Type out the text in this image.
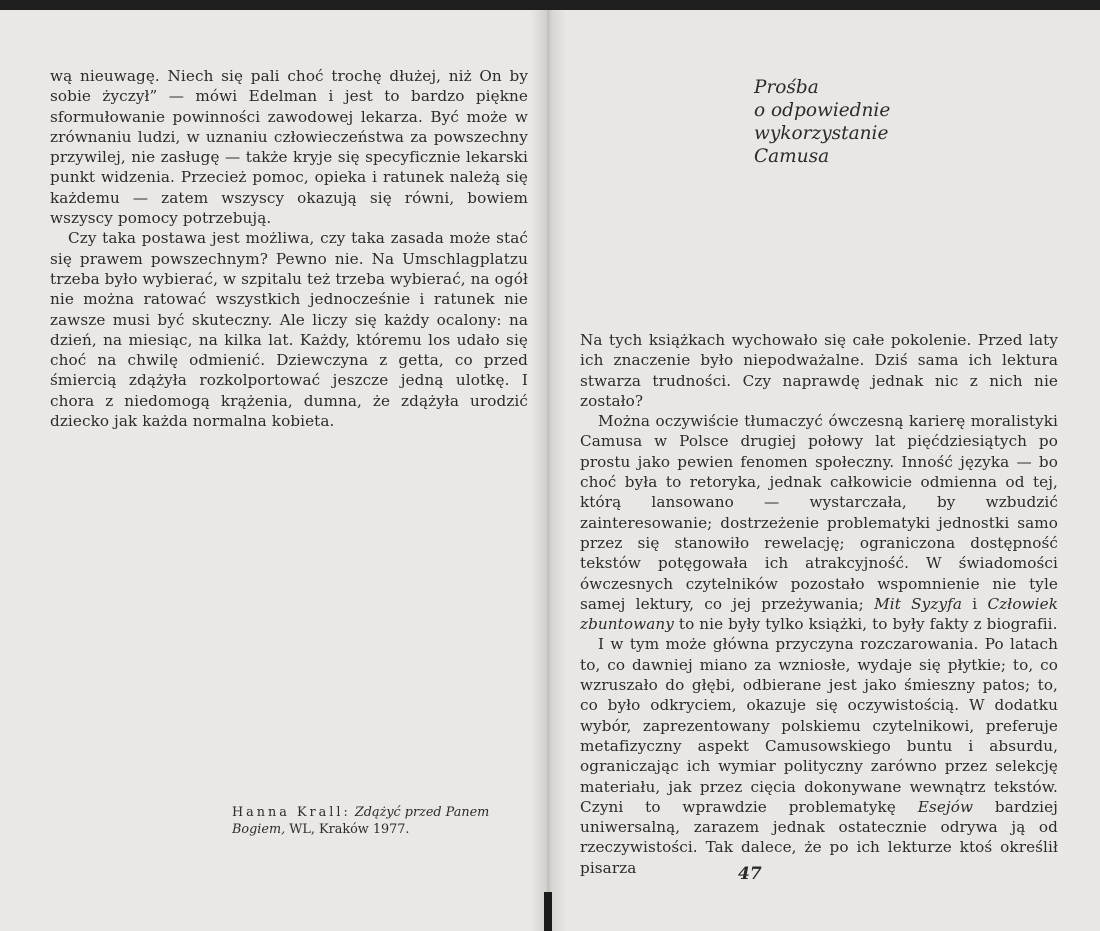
wą nieuwagę. Niech się pali choć trochę dłużej, niż On by sobie życzył” — mówi Edelman i jest to bardzo piękne sformułowanie powinności zawodowej lekarza. Być może w zrównaniu ludzi, w uznaniu człowieczeństwa za powszechny przywilej, nie zasługę — także kryje się specyficznie lekarski punkt widzenia. Przecież pomoc, opieka i ratunek należą się każdemu — zatem wszyscy okazują się równi, bowiem wszyscy pomocy potrzebują.

Czy taka postawa jest możliwa, czy taka zasada może stać się prawem powszechnym? Pewno nie. Na Umschlagplatzu trzeba było wybierać, w szpitalu też trzeba wybierać, na ogół nie można ratować wszystkich jednocześnie i ratunek nie zawsze musi być skuteczny. Ale liczy się każdy ocalony: na dzień, na miesiąc, na kilka lat. Każdy, któremu los udało się choć na chwilę odmienić. Dziewczyna z getta, co przed śmiercią zdążyła rozkolportować jeszcze jedną ulotkę. I chora z niedomogą krążenia, dumna, że zdążyła urodzić dziecko jak każda normalna kobieta.

Hanna Krall: Zdążyć przed Panem Bogiem, WL, Kraków 1977.
Prośba
o odpowiednie
wykorzystanie
Camusa

Na tych książkach wychowało się całe pokolenie. Przed laty ich znaczenie było niepodważalne. Dziś sama ich lektura stwarza trudności. Czy naprawdę jednak nic z nich nie zostało?

Można oczywiście tłumaczyć ówczesną karierę moralistyki Camusa w Polsce drugiej połowy lat pięćdziesiątych po prostu jako pewien fenomen społeczny. Inność języka — bo choć była to retoryka, jednak całkowicie odmienna od tej, którą lansowano — wystarczała, by wzbudzić zainteresowanie; dostrzeżenie problematyki jednostki samo przez się stanowiło rewelację; ograniczona dostępność tekstów potęgowała ich atrakcyjność. W świadomości ówczesnych czytelników pozostało wspomnienie nie tyle samej lektury, co jej przeżywania; Mit Syzyfa i Człowiek zbuntowany to nie były tylko książki, to były fakty z biografii.

I w tym może główna przyczyna rozczarowania. Po latach to, co dawniej miano za wzniosłe, wydaje się płytkie; to, co wzruszało do głębi, odbierane jest jako śmieszny patos; to, co było odkryciem, okazuje się oczywistością. W dodatku wybór, zaprezentowany polskiemu czytelnikowi, preferuje metafizyczny aspekt Camusowskiego buntu i absurdu, ograniczając ich wymiar polityczny zarówno przez selekcję materiału, jak przez cięcia dokonywane wewnątrz tekstów. Czyni to wprawdzie problematykę Esejów bardziej uniwersalną, zarazem jednak ostatecznie odrywa ją od rzeczywistości. Tak dalece, że po ich lekturze ktoś określił pisarza	47
